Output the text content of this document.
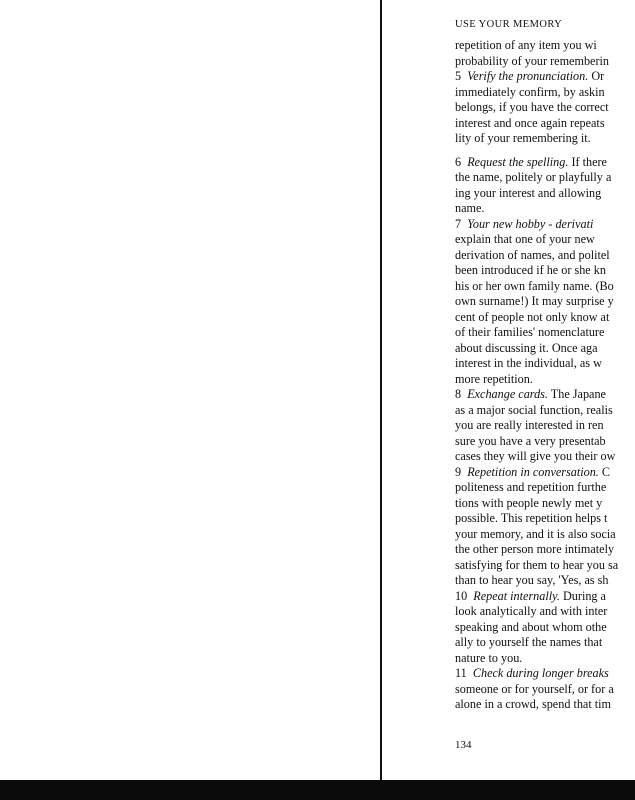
USE YOUR MEMORY
repetition of any item you wi
probability of your rememberin
5 Verify the pronunciation. Or
immediately confirm, by askin
belongs, if you have the correct
interest and once again repeats
lity of your remembering it.
6 Request the spelling. If there
the name, politely or playfully a
ing your interest and allowing
name.
7 Your new hobby - derivati
explain that one of your new
derivation of names, and politel
been introduced if he or she kn
his or her own family name. (Bo
own surname!) It may surprise y
cent of people not only know at
of their families' nomenclature
about discussing it. Once aga
interest in the individual, as w
more repetition.
8 Exchange cards. The Japane
as a major social function, realis
you are really interested in ren
sure you have a very presentab
cases they will give you their ow
9 Repetition in conversation. C
politeness and repetition furthe
tions with people newly met y
possible. This repetition helps t
your memory, and it is also socia
the other person more intimately
satisfying for them to hear you sa
than to hear you say, 'Yes, as sh
10 Repeat internally. During a
look analytically and with inter
speaking and about whom othe
ally to yourself the names that
nature to you.
11 Check during longer breaks
someone or for yourself, or for a
alone in a crowd, spend that tim
134
